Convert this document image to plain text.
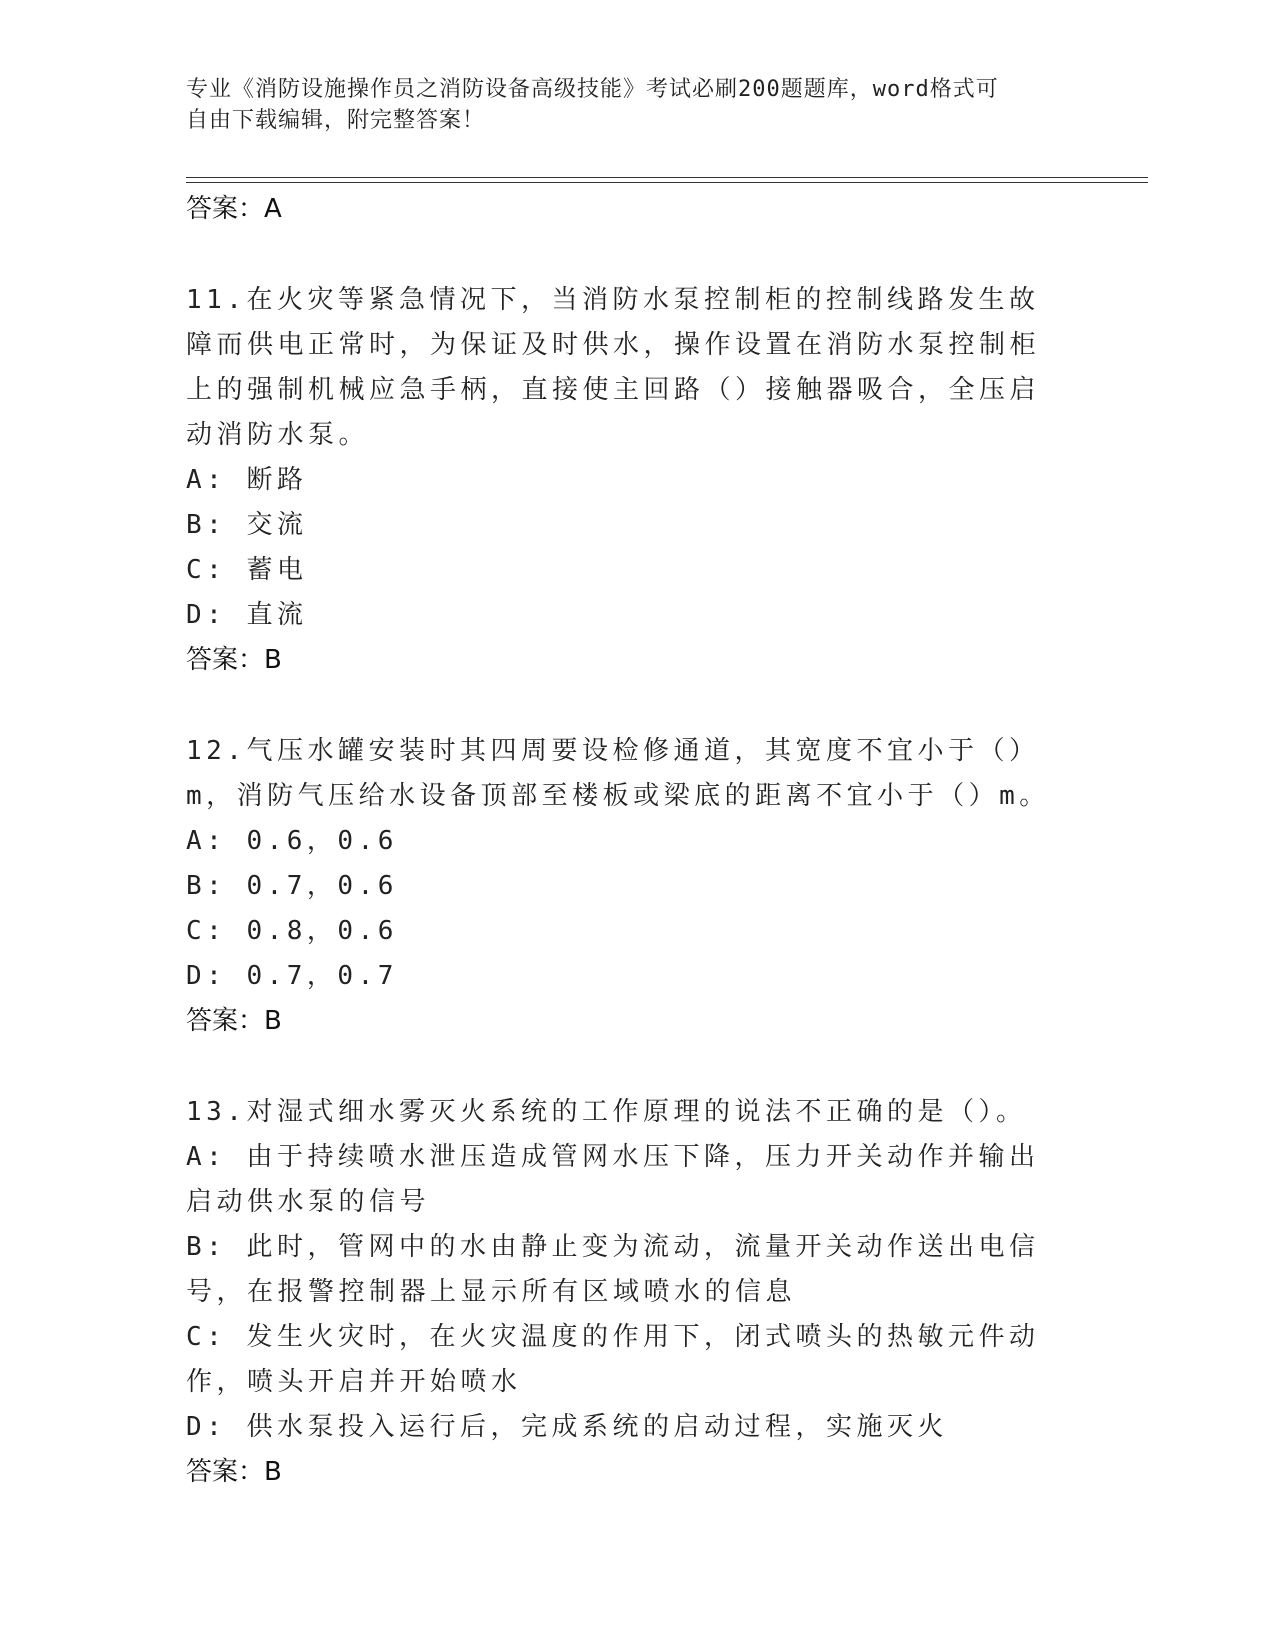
专业《消防设施操作员之消防设备高级技能》考试必刷200题题库，word格式可
自由下载编辑，附完整答案！

答案：A

11.在火灾等紧急情况下，当消防水泵控制柜的控制线路发生故障而供电正常时，为保证及时供水，操作设置在消防水泵控制柜上的强制机械应急手柄，直接使主回路（）接触器吸合，全压启动消防水泵。

A: 断路

B: 交流

C: 蓄电

D: 直流

答案：B

12.气压水罐安装时其四周要设检修通道，其宽度不宜小于（）m，消防气压给水设备顶部至楼板或梁底的距离不宜小于（）m。

A: 0.6，0.6

B: 0.7，0.6

C: 0.8，0.6

D: 0.7，0.7

答案：B

13.对湿式细水雾灭火系统的工作原理的说法不正确的是（）。

A: 由于持续喷水泄压造成管网水压下降，压力开关动作并输出启动供水泵的信号

B: 此时，管网中的水由静止变为流动，流量开关动作送出电信号，在报警控制器上显示所有区域喷水的信息

C: 发生火灾时，在火灾温度的作用下，闭式喷头的热敏元件动作，喷头开启并开始喷水

D: 供水泵投入运行后，完成系统的启动过程，实施灭火

答案：B
